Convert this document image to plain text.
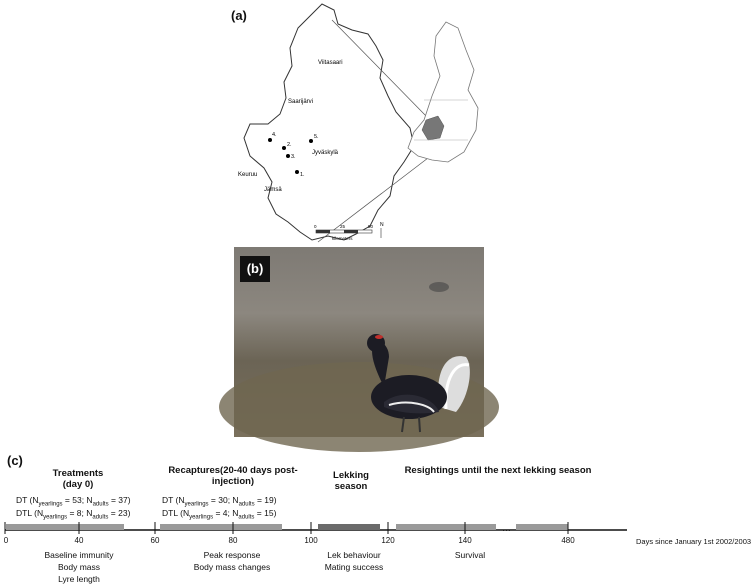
(a)
Viitasaari
Saarijärvi
Keuruu
Jyväskylä
Jämsä
4.
2.
3.
5.
1.
0	25	50
kilometers
N
(b)
(c)
Treatments
(day 0)
Recaptures(20-40 days post-injection)
Lekking season
Resightings until the next lekking season
DT ($N_{yearlings} = 53$; $N_{adults} = 37$)
DTL ($N_{yearlings} = 8$; $N_{adults} = 23$)
DT ($N_{yearlings} = 30$; $N_{adults} = 19$)
DTL ($N_{yearlings} = 4$; $N_{adults} = 15$)
…
0	40	60	80	100	120	140	480	Days since January 1st 2002/2003
Baseline immunity
Body mass
Lyre length
Peak response
Body mass changes
Lek behaviour
Mating success
Survival
